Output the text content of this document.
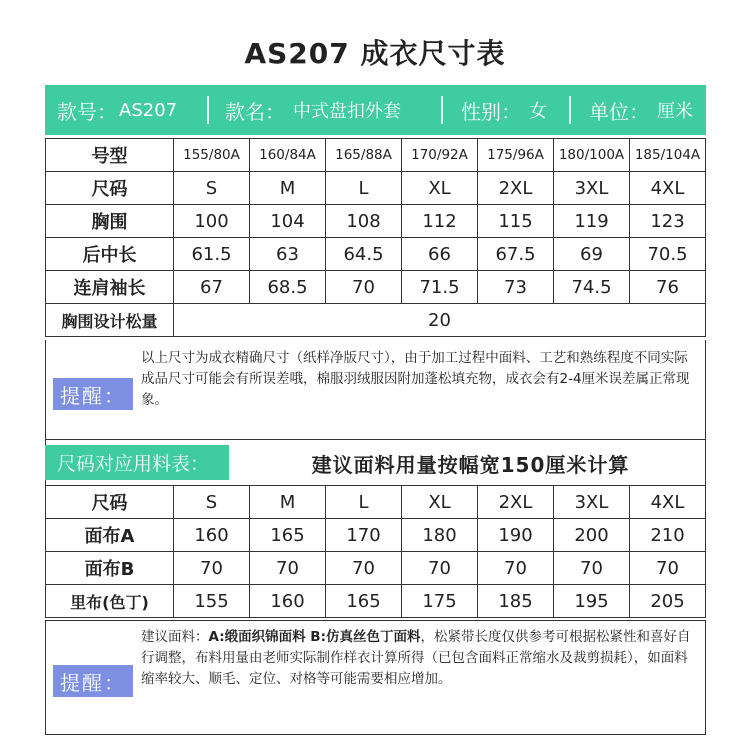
AS207 成衣尺寸表
款号： AS207 款名： 中式盘扣外套	性别： 女 单位： 厘米
号型	155/80A	160/84A	165/88A	170/92A	175/96A	180/100A	185/104A
尺码	S	M	L	XL	2XL	3XL	4XL
胸围	100	104	108	112	115	119	123
后中长	61.5	63	64.5	66	67.5	69	70.5
连肩袖长	67	68.5	70	71.5	73	74.5	76
胸围设计松量	20						
提醒：
以上尺寸为成衣精确尺寸（纸样净版尺寸），由于加工过程中面料、工艺和熟练程度不同实际成品尺寸可能会有所误差哦，棉服羽绒服因附加蓬松填充物，成衣会有2-4厘米误差属正常现象。
尺码对应用料表：	建议面料用量按幅宽150厘米计算
尺码	S	M	L	XL	2XL	3XL	4XL
面布A	160	165	170	180	190	200	210
面布B	70	70	70	70	70	70	70
里布(色丁)	155	160	165	175	185	195	205
提醒：
建议面料：A:缎面织锦面料 B:仿真丝色丁面料，松紧带长度仅供参考可根据松紧性和喜好自行调整，布料用量由老师实际制作样衣计算所得（已包含面料正常缩水及裁剪损耗），如面料缩率较大、顺毛、定位、对格等可能需要相应增加。
